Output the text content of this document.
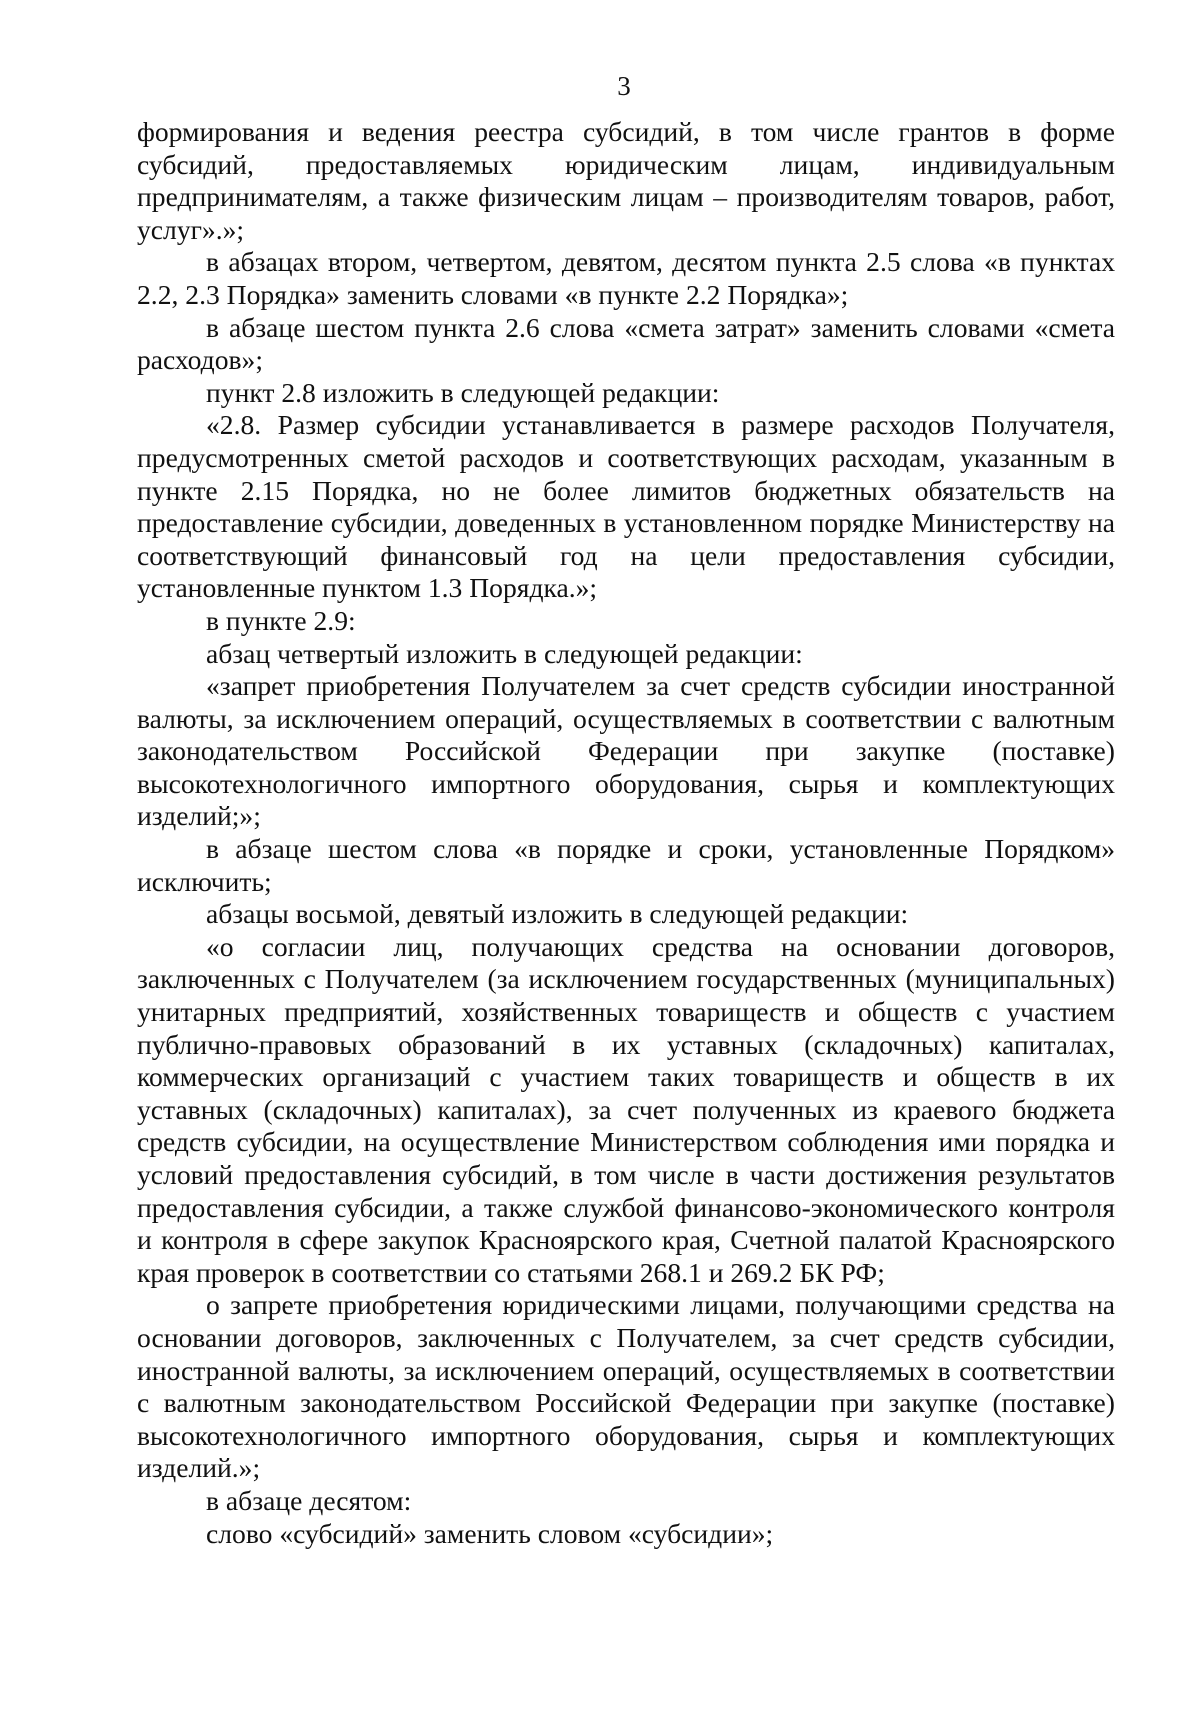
3

формирования и ведения реестра субсидий, в том числе грантов в форме субсидий, предоставляемых юридическим лицам, индивидуальным предпринимателям, а также физическим лицам – производителям товаров, работ, услуг».»;

в абзацах втором, четвертом, девятом, десятом пункта 2.5 слова «в пунктах 2.2, 2.3 Порядка» заменить словами «в пункте 2.2 Порядка»;

в абзаце шестом пункта 2.6 слова «смета затрат» заменить словами «смета расходов»;

пункт 2.8 изложить в следующей редакции:

«2.8. Размер субсидии устанавливается в размере расходов Получателя, предусмотренных сметой расходов и соответствующих расходам, указанным в пункте 2.15 Порядка, но не более лимитов бюджетных обязательств на предоставление субсидии, доведенных в установленном порядке Министерству на соответствующий финансовый год на цели предоставления субсидии, установленные пунктом 1.3 Порядка.»;

в пункте 2.9:

абзац четвертый изложить в следующей редакции:

«запрет приобретения Получателем за счет средств субсидии иностранной валюты, за исключением операций, осуществляемых в соответствии с валютным законодательством Российской Федерации при закупке (поставке) высокотехнологичного импортного оборудования, сырья и комплектующих изделий;»;

в абзаце шестом слова «в порядке и сроки, установленные Порядком» исключить;

абзацы восьмой, девятый изложить в следующей редакции:

«о согласии лиц, получающих средства на основании договоров, заключенных с Получателем (за исключением государственных (муниципальных) унитарных предприятий, хозяйственных товариществ и обществ с участием публично-правовых образований в их уставных (складочных) капиталах, коммерческих организаций с участием таких товариществ и обществ в их уставных (складочных) капиталах), за счет полученных из краевого бюджета средств субсидии, на осуществление Министерством соблюдения ими порядка и условий предоставления субсидий, в том числе в части достижения результатов предоставления субсидии, а также службой финансово-экономического контроля и контроля в сфере закупок Красноярского края, Счетной палатой Красноярского края проверок в соответствии со статьями 268.1 и 269.2 БК РФ;

о запрете приобретения юридическими лицами, получающими средства на основании договоров, заключенных с Получателем, за счет средств субсидии, иностранной валюты, за исключением операций, осуществляемых в соответствии с валютным законодательством Российской Федерации при закупке (поставке) высокотехнологичного импортного оборудования, сырья и комплектующих изделий.»;

в абзаце десятом:

слово «субсидий» заменить словом «субсидии»;
